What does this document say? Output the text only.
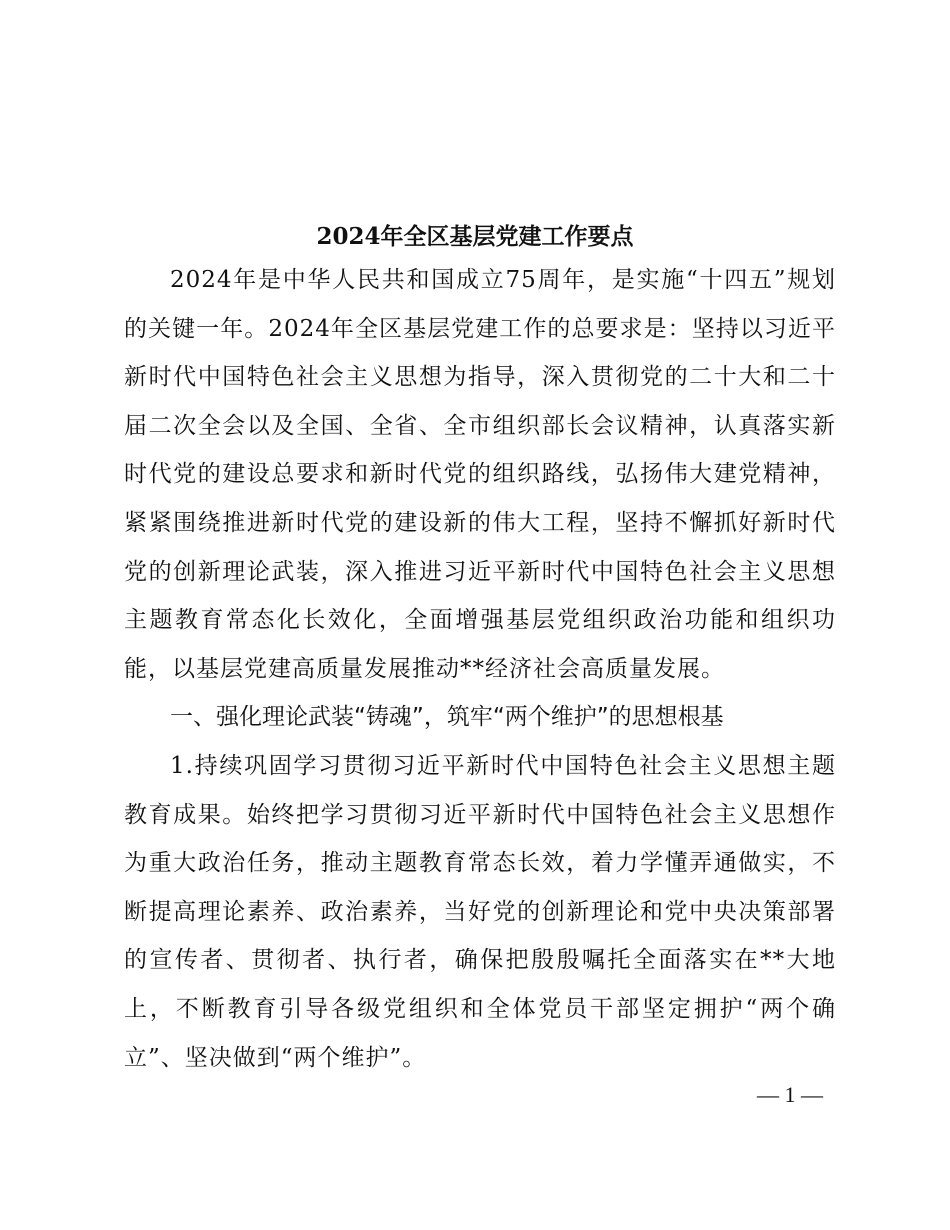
2024年全区基层党建工作要点

2024年是中华人民共和国成立75周年，是实施“十四五”规划的关键一年。2024年全区基层党建工作的总要求是：坚持以习近平新时代中国特色社会主义思想为指导，深入贯彻党的二十大和二十届二次全会以及全国、全省、全市组织部长会议精神，认真落实新时代党的建设总要求和新时代党的组织路线，弘扬伟大建党精神，紧紧围绕推进新时代党的建设新的伟大工程，坚持不懈抓好新时代党的创新理论武装，深入推进习近平新时代中国特色社会主义思想主题教育常态化长效化，全面增强基层党组织政治功能和组织功能，以基层党建高质量发展推动**经济社会高质量发展。

一、强化理论武装“铸魂”，筑牢“两个维护”的思想根基

1.持续巩固学习贯彻习近平新时代中国特色社会主义思想主题教育成果。始终把学习贯彻习近平新时代中国特色社会主义思想作为重大政治任务，推动主题教育常态长效，着力学懂弄通做实，不断提高理论素养、政治素养，当好党的创新理论和党中央决策部署的宣传者、贯彻者、执行者，确保把殷殷嘱托全面落实在**大地上，不断教育引导各级党组织和全体党员干部坚定拥护“两个确立”、坚决做到“两个维护”。

— 1 —
